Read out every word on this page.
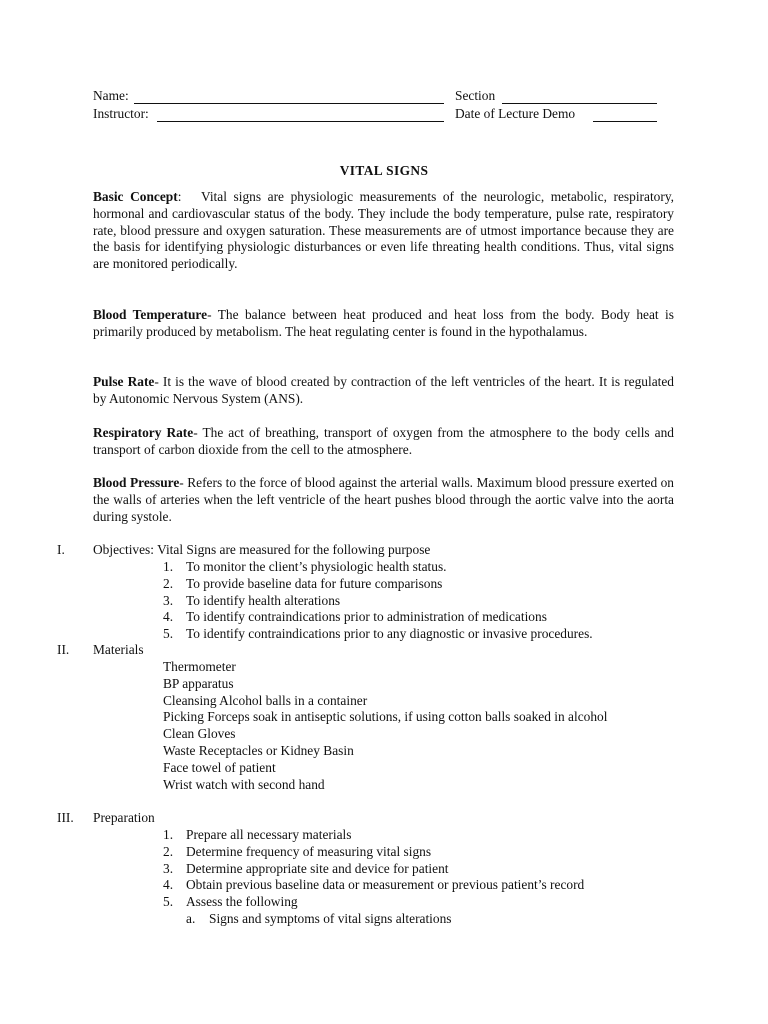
Name:	Section
Instructor:	Date of Lecture Demo
VITAL SIGNS

Basic Concept:   Vital signs are physiologic measurements of the neurologic, metabolic, respiratory, hormonal and cardiovascular status of the body. They include the body temperature, pulse rate, respiratory rate, blood pressure and oxygen saturation. These measurements are of utmost importance because they are the basis for identifying physiologic disturbances or even life threating health conditions. Thus, vital signs are monitored periodically.

Blood Temperature- The balance between heat produced and heat loss from the body. Body heat is primarily produced by metabolism. The heat regulating center is found in the hypothalamus.

Pulse Rate- It is the wave of blood created by contraction of the left ventricles of the heart. It is regulated by Autonomic Nervous System (ANS).

Respiratory Rate- The act of breathing, transport of oxygen from the atmosphere to the body cells and transport of carbon dioxide from the cell to the atmosphere.

Blood Pressure- Refers to the force of blood against the arterial walls. Maximum blood pressure exerted on the walls of arteries when the left ventricle of the heart pushes blood through the aortic valve into the aorta during systole.

I. Objectives: Vital Signs are measured for the following purpose
1. To monitor the client’s physiologic health status.
2. To provide baseline data for future comparisons
3. To identify health alterations
4. To identify contraindications prior to administration of medications
5. To identify contraindications prior to any diagnostic or invasive procedures.
II. Materials
Thermometer
BP apparatus
Cleansing Alcohol balls in a container
Picking Forceps soak in antiseptic solutions, if using cotton balls soaked in alcohol
Clean Gloves
Waste Receptacles or Kidney Basin
Face towel of patient
Wrist watch with second hand
III. Preparation
1. Prepare all necessary materials
2. Determine frequency of measuring vital signs
3. Determine appropriate site and device for patient
4. Obtain previous baseline data or measurement or previous patient’s record
5. Assess the following
a. Signs and symptoms of vital signs alterations
